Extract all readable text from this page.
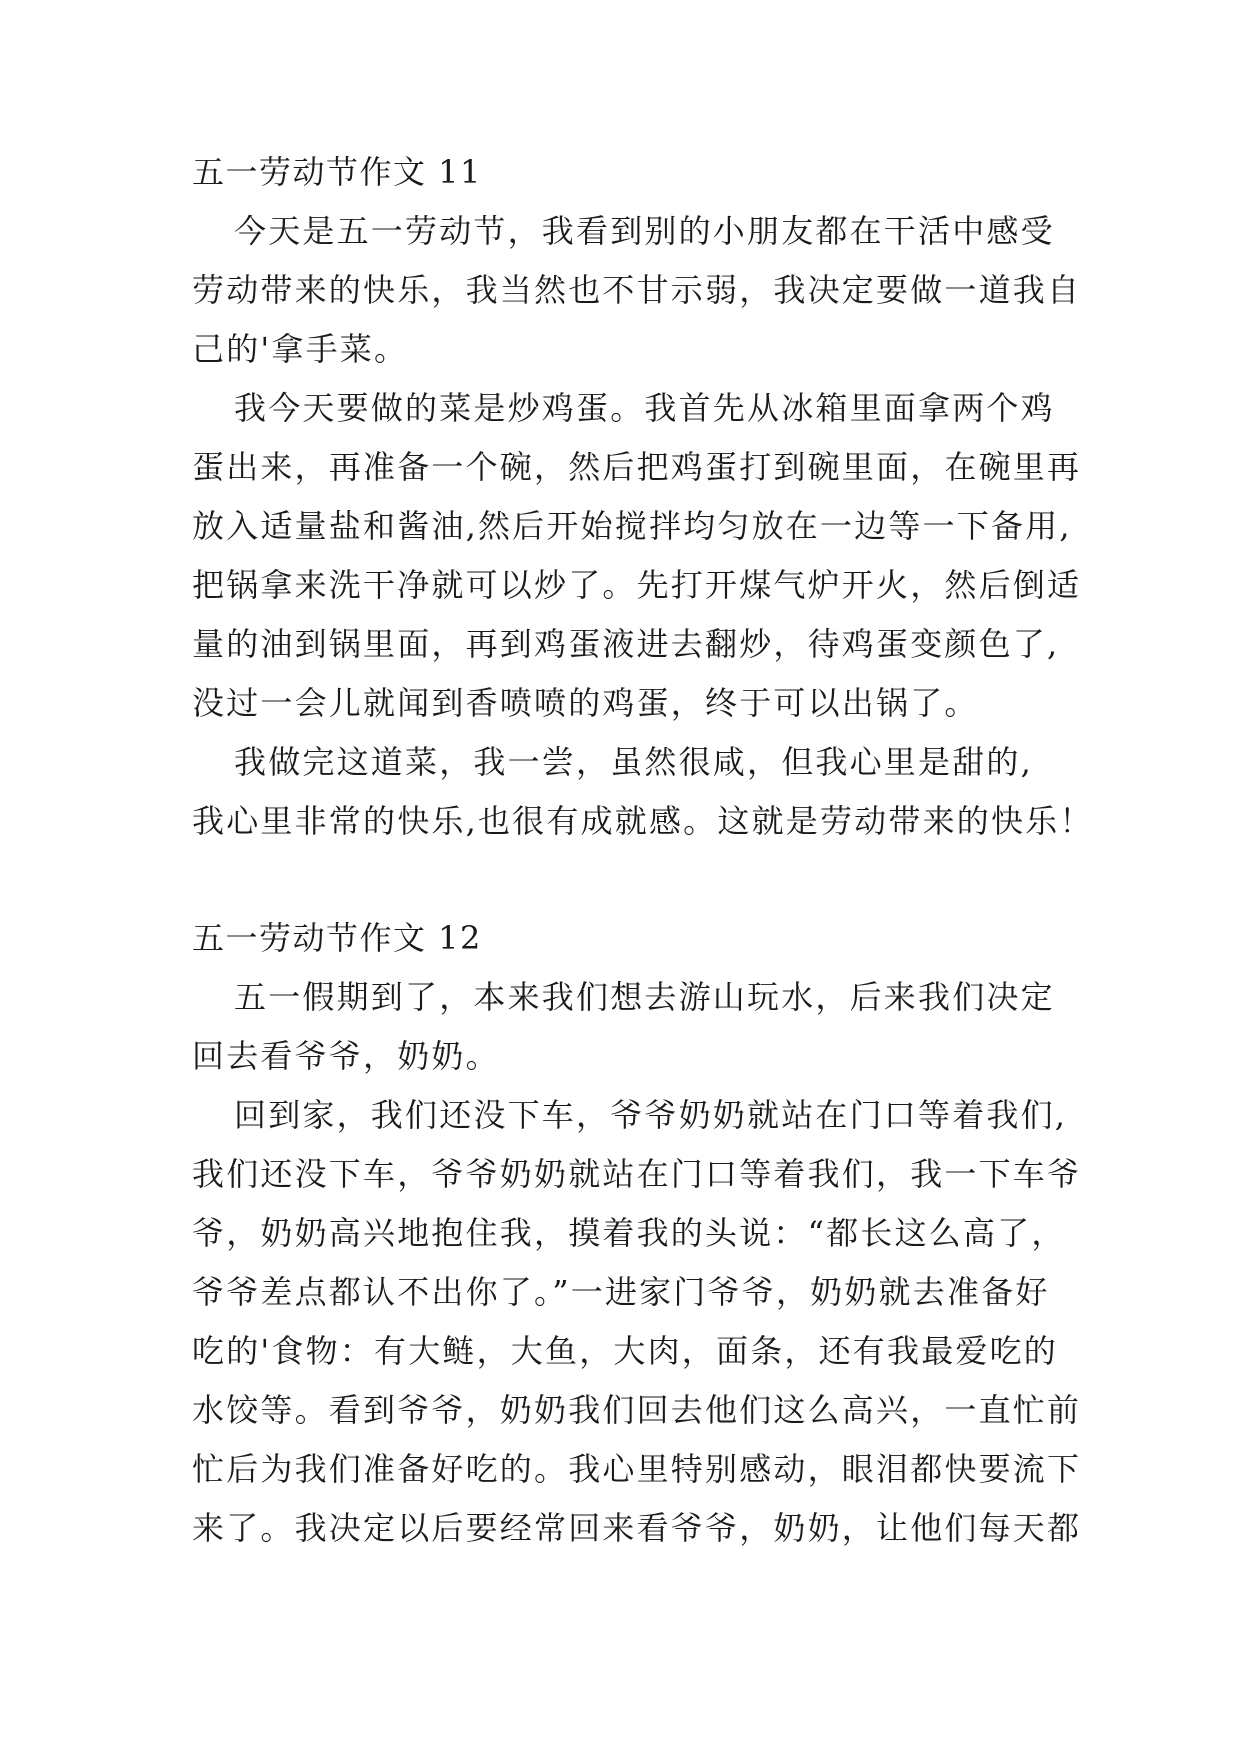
五一劳动节作文 11
今天是五一劳动节，我看到别的小朋友都在干活中感受
劳动带来的快乐，我当然也不甘示弱，我决定要做一道我自
己的'拿手菜。
我今天要做的菜是炒鸡蛋。我首先从冰箱里面拿两个鸡
蛋出来，再准备一个碗，然后把鸡蛋打到碗里面，在碗里再
放入适量盐和酱油,然后开始搅拌均匀放在一边等一下备用,
把锅拿来洗干净就可以炒了。先打开煤气炉开火，然后倒适
量的油到锅里面，再到鸡蛋液进去翻炒，待鸡蛋变颜色了,
没过一会儿就闻到香喷喷的鸡蛋，终于可以出锅了。
我做完这道菜，我一尝，虽然很咸，但我心里是甜的,
我心里非常的快乐,也很有成就感。这就是劳动带来的快乐！
五一劳动节作文 12
五一假期到了，本来我们想去游山玩水，后来我们决定
回去看爷爷，奶奶。
回到家，我们还没下车，爷爷奶奶就站在门口等着我们,
我们还没下车，爷爷奶奶就站在门口等着我们，我一下车爷
爷，奶奶高兴地抱住我，摸着我的头说：“都长这么高了，
爷爷差点都认不出你了。”一进家门爷爷，奶奶就去准备好
吃的'食物：有大鲢，大鱼，大肉，面条，还有我最爱吃的
水饺等。看到爷爷，奶奶我们回去他们这么高兴，一直忙前
忙后为我们准备好吃的。我心里特别感动，眼泪都快要流下
来了。我决定以后要经常回来看爷爷，奶奶，让他们每天都
